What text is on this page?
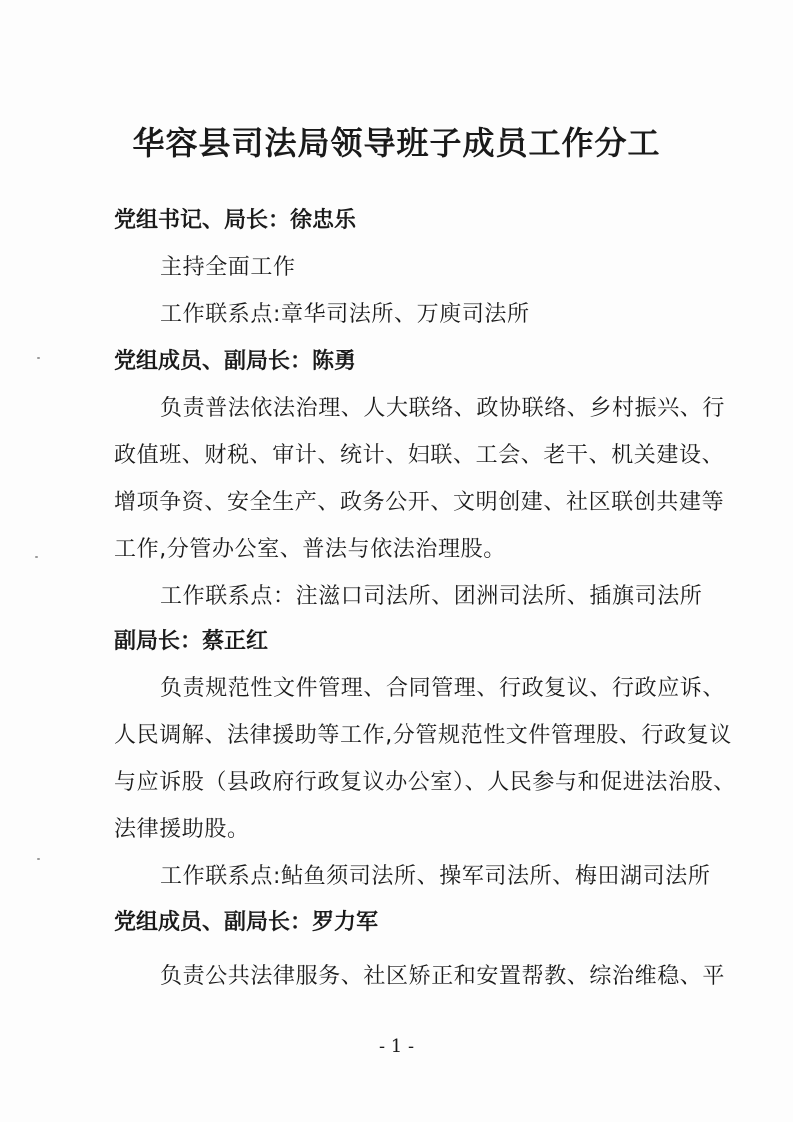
华容县司法局领导班子成员工作分工
党组书记、局长：徐忠乐
主持全面工作
工作联系点:章华司法所、万庾司法所
党组成员、副局长：陈勇
负责普法依法治理、人大联络、政协联络、乡村振兴、行
政值班、财税、审计、统计、妇联、工会、老干、机关建设、
增项争资、安全生产、政务公开、文明创建、社区联创共建等
工作,分管办公室、普法与依法治理股。
工作联系点：注滋口司法所、团洲司法所、插旗司法所
副局长：蔡正红
负责规范性文件管理、合同管理、行政复议、行政应诉、
人民调解、法律援助等工作,分管规范性文件管理股、行政复议
与应诉股（县政府行政复议办公室）、人民参与和促进法治股、
法律援助股。
工作联系点:鲇鱼须司法所、操军司法所、梅田湖司法所
党组成员、副局长：罗力军
负责公共法律服务、社区矫正和安置帮教、综治维稳、平
- 1 -
